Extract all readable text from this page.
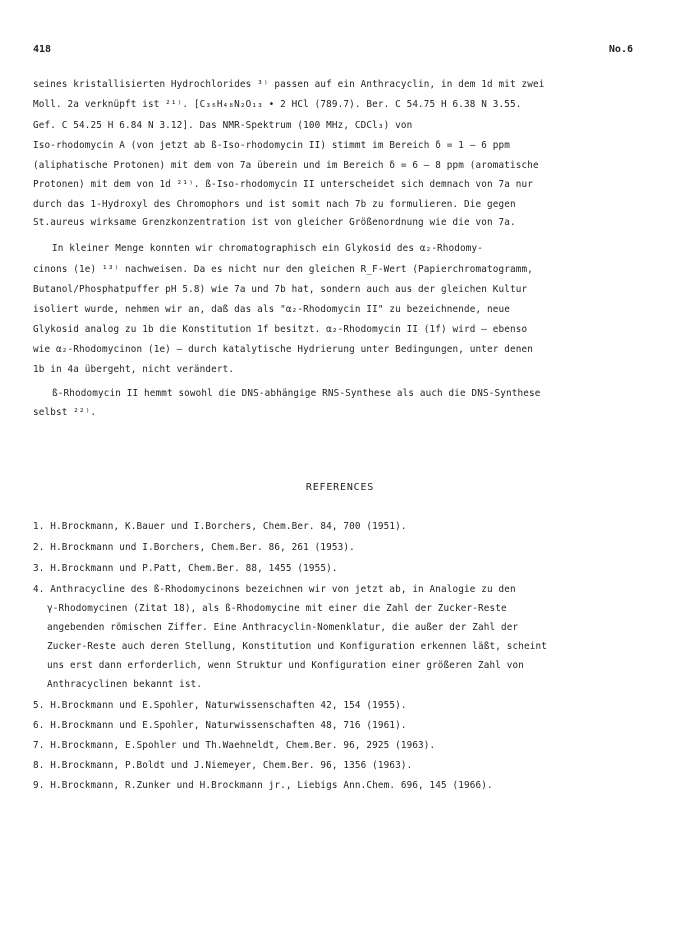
418	No.6
seines kristallisierten Hydrochlorides ³⁾ passen auf ein Anthracyclin, in dem 1d mit zwei
Moll. 2a verknüpft ist ²¹⁾. [C₃₆H₄₈N₂O₁₃ • 2 HCl (789.7). Ber. C 54.75 H 6.38 N 3.55.
Gef. C 54.25 H 6.84 N 3.12]. Das NMR-Spektrum (100 MHz, CDCl₃) von
Iso-rhodomycin A (von jetzt ab ß-Iso-rhodomycin II) stimmt im Bereich δ = 1 – 6 ppm
(aliphatische Protonen) mit dem von 7a überein und im Bereich δ = 6 – 8 ppm (aromatische
Protonen) mit dem von 1d ²¹⁾. ß-Iso-rhodomycin II unterscheidet sich demnach von 7a nur
durch das 1-Hydroxyl des Chromophors und ist somit nach 7b zu formulieren. Die gegen
St.aureus wirksame Grenzkonzentration ist von gleicher Größenordnung wie die von 7a.
In kleiner Menge konnten wir chromatographisch ein Glykosid des α₂-Rhodomy-
cinons (1e) ¹³⁾ nachweisen. Da es nicht nur den gleichen R_F-Wert (Papierchromatogramm,
Butanol/Phosphatpuffer pH 5.8) wie 7a und 7b hat, sondern auch aus der gleichen Kultur
isoliert wurde, nehmen wir an, daß das als "α₂-Rhodomycin II" zu bezeichnende, neue
Glykosid analog zu 1b die Konstitution 1f besitzt. α₂-Rhodomycin II (1f) wird – ebenso
wie α₂-Rhodomycinon (1e) – durch katalytische Hydrierung unter Bedingungen, unter denen
1b in 4a übergeht, nicht verändert.
ß-Rhodomycin II hemmt sowohl die DNS-abhängige RNS-Synthese als auch die DNS-Synthese
selbst ²²⁾.
REFERENCES
1. H.Brockmann, K.Bauer und I.Borchers, Chem.Ber. 84, 700 (1951).
2. H.Brockmann und I.Borchers, Chem.Ber. 86, 261 (1953).
3. H.Brockmann und P.Patt, Chem.Ber. 88, 1455 (1955).
4. Anthracycline des ß-Rhodomycinons bezeichnen wir von jetzt ab, in Analogie zu den
γ-Rhodomycinen (Zitat 18), als ß-Rhodomycine mit einer die Zahl der Zucker-Reste
angebenden römischen Ziffer. Eine Anthracyclin-Nomenklatur, die außer der Zahl der
Zucker-Reste auch deren Stellung, Konstitution und Konfiguration erkennen läßt, scheint
uns erst dann erforderlich, wenn Struktur und Konfiguration einer größeren Zahl von
Anthracyclinen bekannt ist.
5. H.Brockmann und E.Spohler, Naturwissenschaften 42, 154 (1955).
6. H.Brockmann und E.Spohler, Naturwissenschaften 48, 716 (1961).
7. H.Brockmann, E.Spohler und Th.Waehneldt, Chem.Ber. 96, 2925 (1963).
8. H.Brockmann, P.Boldt und J.Niemeyer, Chem.Ber. 96, 1356 (1963).
9. H.Brockmann, R.Zunker und H.Brockmann jr., Liebigs Ann.Chem. 696, 145 (1966).
